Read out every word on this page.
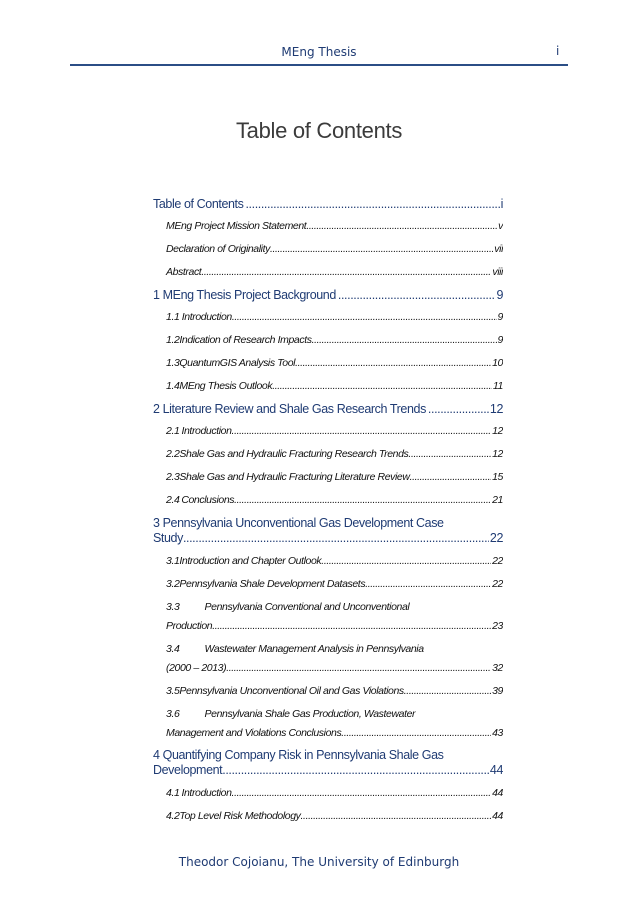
MEng Thesis	i
Table of Contents
Table of Contents .....	i
MEng Project Mission Statement .....	v
Declaration of Originality .....	vii
Abstract .....	viii
1 MEng Thesis Project Background .....	9
1.1 Introduction .....	9
1.2 Indication of Research Impacts .....	9
1.3 QuantumGIS Analysis Tool .....	10
1.4 MEng Thesis Outlook .....	11
2 Literature Review and Shale Gas Research Trends .....	12
2.1 Introduction .....	12
2.2 Shale Gas and Hydraulic Fracturing Research Trends .....	12
2.3 Shale Gas and Hydraulic Fracturing Literature Review .....	15
2.4 Conclusions .....	21
3 Pennsylvania Unconventional Gas Development Case
Study .....	22
3.1 Introduction and Chapter Outlook .....	22
3.2 Pennsylvania Shale Development Datasets .....	22
3.3 Pennsylvania Conventional and Unconventional
Production .....	23
3.4 Wastewater Management Analysis in Pennsylvania
(2000 – 2013) .....	32
3.5 Pennsylvania Unconventional Oil and Gas Violations .....	39
3.6 Pennsylvania Shale Gas Production, Wastewater
Management and Violations Conclusions .....	43
4 Quantifying Company Risk in Pennsylvania Shale Gas
Development .....	44
4.1 Introduction .....	44
4.2 Top Level Risk Methodology .....	44
Theodor Cojoianu, The University of Edinburgh
